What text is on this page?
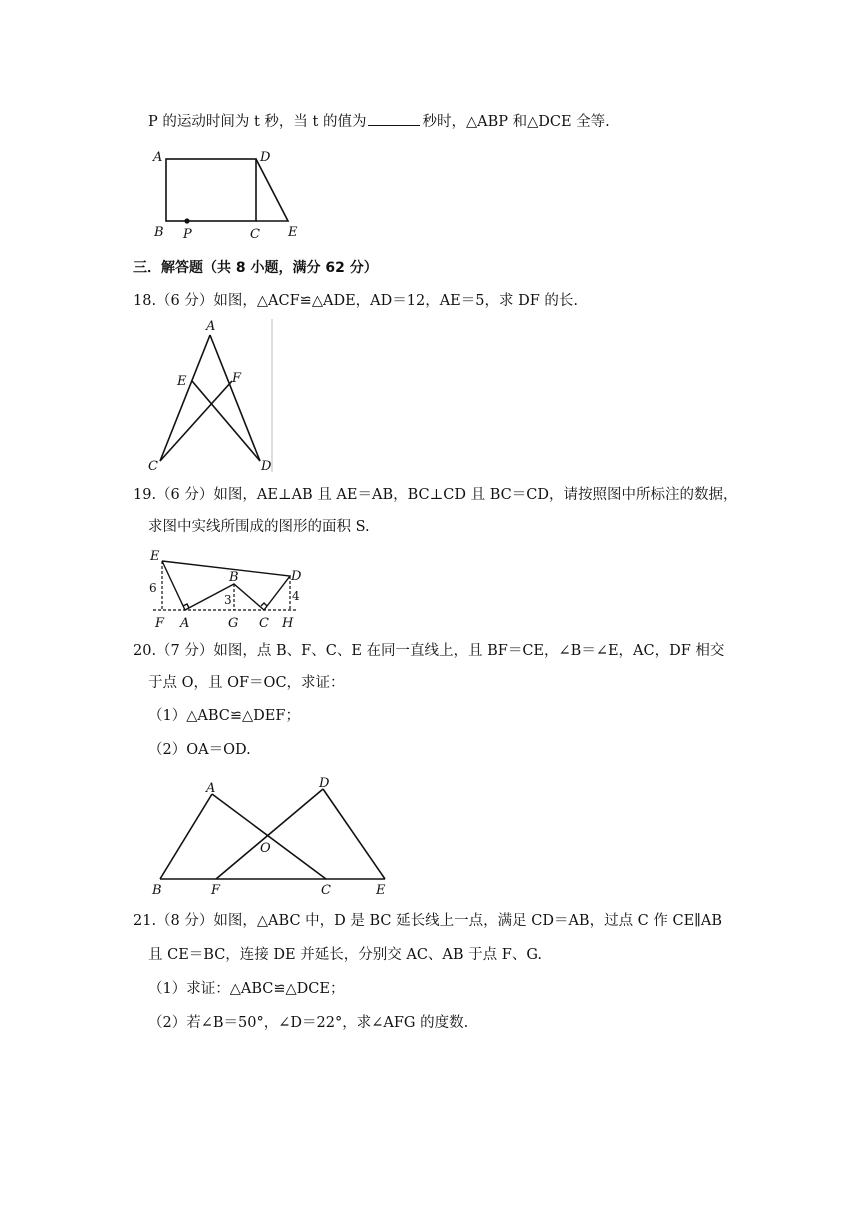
P 的运动时间为 t 秒，当 t 的值为	秒时，△ABP 和△DCE 全等.
A	D
B P	C E
三．解答题（共 8 小题，满分 62 分）
18.（6 分）如图，△ACF≌△ADE，AD＝12，AE＝5，求 DF 的长.
A
E	F
C	D
19.（6 分）如图，AE⊥AB 且 AE＝AB，BC⊥CD 且 BC＝CD，请按照图中所标注的数据，
求图中实线所围成的图形的面积 S.
E
D
B
6
3	4
F A	G C H
20.（7 分）如图，点 B、F、C、E 在同一直线上，且 BF＝CE，∠B＝∠E，AC，DF 相交
于点 O，且 OF＝OC，求证：
（1）△ABC≌△DEF；
（2）OA＝OD.
A	D
O
B	F	C	E
21.（8 分）如图，△ABC 中，D 是 BC 延长线上一点，满足 CD＝AB，过点 C 作 CE∥AB
且 CE＝BC，连接 DE 并延长，分别交 AC、AB 于点 F、G.
（1）求证：△ABC≌△DCE；
（2）若∠B＝50°，∠D＝22°，求∠AFG 的度数.
